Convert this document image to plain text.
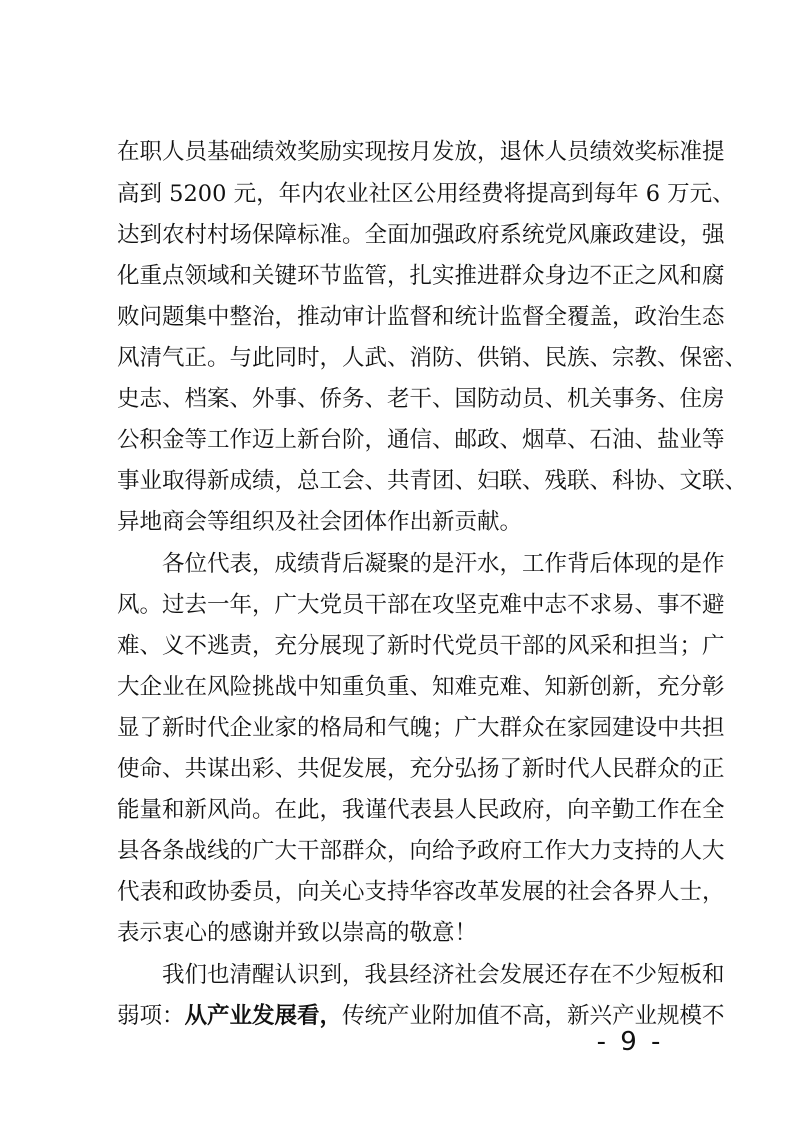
在职人员基础绩效奖励实现按月发放，退休人员绩效奖标准提
高到 5200 元，年内农业社区公用经费将提高到每年 6 万元、
达到农村村场保障标准。全面加强政府系统党风廉政建设，强
化重点领域和关键环节监管，扎实推进群众身边不正之风和腐
败问题集中整治，推动审计监督和统计监督全覆盖，政治生态
风清气正。与此同时，人武、消防、供销、民族、宗教、保密、
史志、档案、外事、侨务、老干、国防动员、机关事务、住房
公积金等工作迈上新台阶，通信、邮政、烟草、石油、盐业等
事业取得新成绩，总工会、共青团、妇联、残联、科协、文联、
异地商会等组织及社会团体作出新贡献。
各位代表，成绩背后凝聚的是汗水，工作背后体现的是作
风。过去一年，广大党员干部在攻坚克难中志不求易、事不避
难、义不逃责，充分展现了新时代党员干部的风采和担当；广
大企业在风险挑战中知重负重、知难克难、知新创新，充分彰
显了新时代企业家的格局和气魄；广大群众在家园建设中共担
使命、共谋出彩、共促发展，充分弘扬了新时代人民群众的正
能量和新风尚。在此，我谨代表县人民政府，向辛勤工作在全
县各条战线的广大干部群众，向给予政府工作大力支持的人大
代表和政协委员，向关心支持华容改革发展的社会各界人士，
表示衷心的感谢并致以崇高的敬意！
我们也清醒认识到，我县经济社会发展还存在不少短板和
弱项：从产业发展看，传统产业附加值不高，新兴产业规模不
- 9 -
